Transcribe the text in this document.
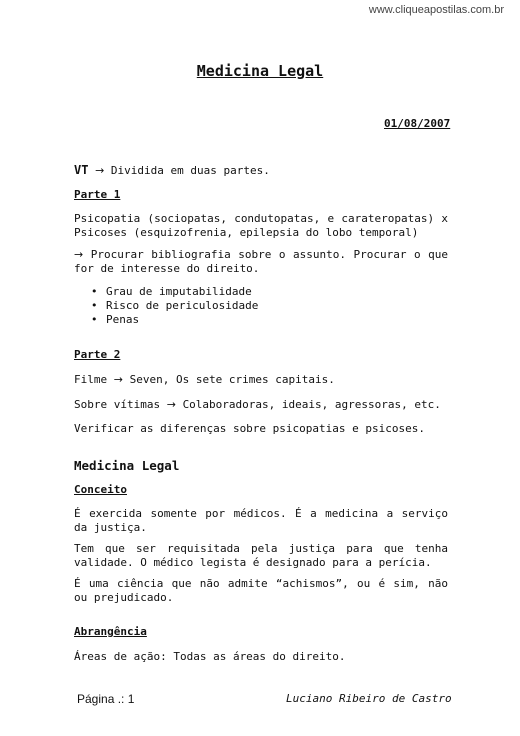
www.cliqueapostilas.com.br
Medicina Legal
01/08/2007
VT → Dividida em duas partes.
Parte 1
Psicopatia (sociopatas, condutopatas, e carateropatas) x Psicoses (esquizofrenia, epilepsia do lobo temporal)
→ Procurar bibliografia sobre o assunto. Procurar o que for de interesse do direito.
• Grau de imputabilidade
• Risco de periculosidade
• Penas
Parte 2
Filme → Seven, Os sete crimes capitais.
Sobre vítimas → Colaboradoras, ideais, agressoras, etc.
Verificar as diferenças sobre psicopatias e psicoses.
Medicina Legal
Conceito
É exercida somente por médicos. É a medicina a serviço da justiça.
Tem que ser requisitada pela justiça para que tenha validade. O médico legista é designado para a perícia.
É uma ciência que não admite “achismos”, ou é sim, não ou prejudicado.
Abrangência
Áreas de ação: Todas as áreas do direito.
Página .: 1	Luciano Ribeiro de Castro
